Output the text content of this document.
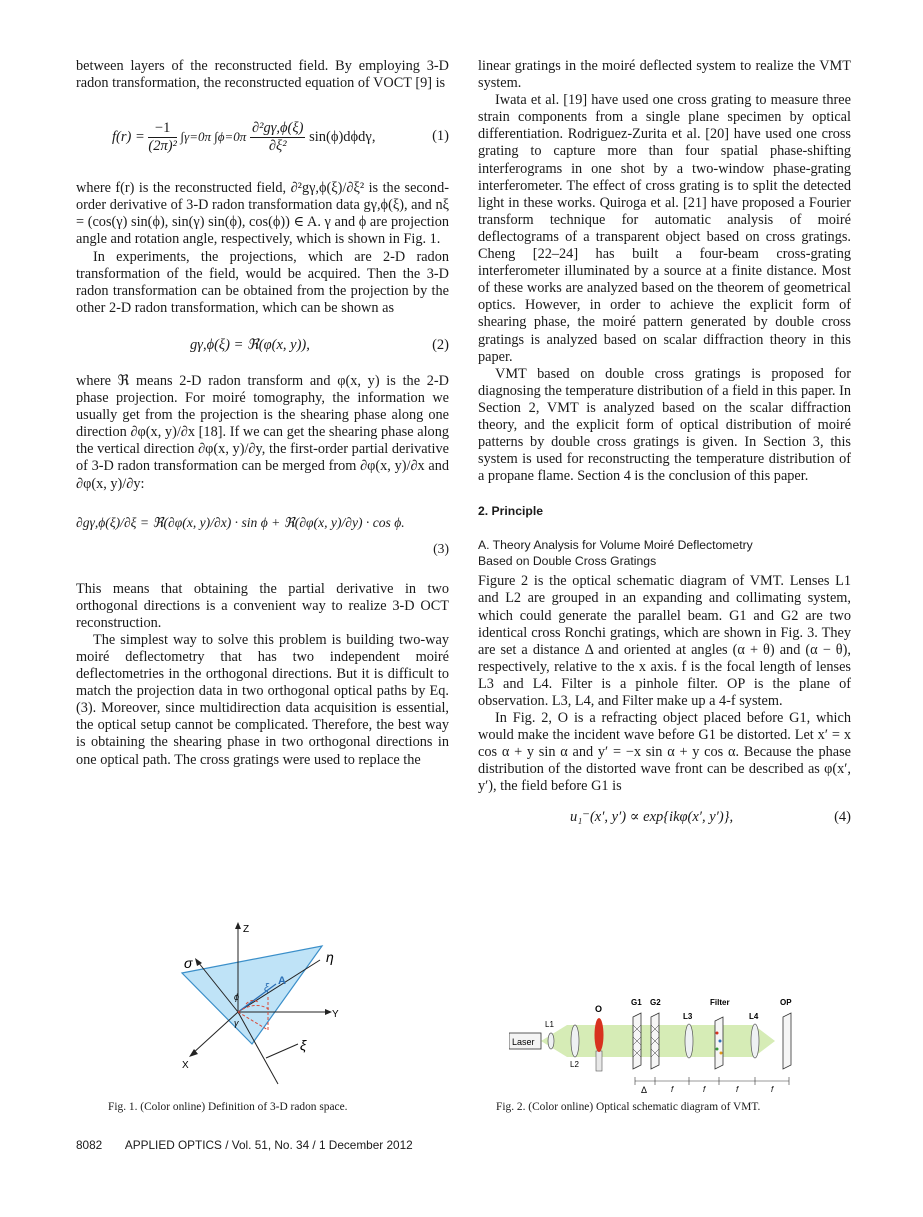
between layers of the reconstructed field. By employing 3-D radon transformation, the reconstructed equation of VOCT [9] is

$f(r) = \frac{-1}{\text{(2π)²}} \int\gamma=0\pi$ $\int\phi=0\pi \frac{\text{∂²gγ,ϕ(ξ)}}{\text{∂ξ²}} \sin(\phi)d\phi d\gamma$,	(1)

where f(r) is the reconstructed field, ∂²gγ,ϕ(ξ)/∂ξ² is the second-order derivative of 3-D radon transformation data gγ,ϕ(ξ), and nξ = (cos(γ) sin(ϕ), sin(γ) sin(ϕ), cos(ϕ)) ∈ A. γ and ϕ are projection angle and rotation angle, respectively, which is shown in Fig. 1.

In experiments, the projections, which are 2-D radon transformation of the field, would be acquired. Then the 3-D radon transformation can be obtained from the projection by the other 2-D radon transformation, which can be shown as

gγ,ϕ(ξ) = ℜ(φ(x, y)),	(2)

where ℜ means 2-D radon transform and φ(x, y) is the 2-D phase projection. For moiré tomography, the information we usually get from the projection is the shearing phase along one direction ∂φ(x, y)/∂x [18]. If we can get the shearing phase along the vertical direction ∂φ(x, y)/∂y, the first-order partial derivative of 3-D radon transformation can be merged from ∂φ(x, y)/∂x and ∂φ(x, y)/∂y:

∂gγ,ϕ(ξ)/∂ξ = ℜ(∂φ(x, y)/∂x) · sin ϕ + ℜ(∂φ(x, y)/∂y) · cos ϕ.
(3)

This means that obtaining the partial derivative in two orthogonal directions is a convenient way to realize 3-D OCT reconstruction.

The simplest way to solve this problem is building two-way moiré deflectometry that has two independent moiré deflectometries in the orthogonal directions. But it is difficult to match the projection data in two orthogonal optical paths by Eq. (3). Moreover, since multidirection data acquisition is essential, the optical setup cannot be complicated. Therefore, the best way is obtaining the shearing phase in two orthogonal directions in one optical path. The cross gratings were used to replace the

linear gratings in the moiré deflected system to realize the VMT system.

Iwata et al. [19] have used one cross grating to measure three strain components from a single plane specimen by optical differentiation. Rodriguez-Zurita et al. [20] have used one cross grating to capture more than four spatial phase-shifting interferograms in one shot by a two-window phase-grating interferometer. The effect of cross grating is to split the detected light in these works. Quiroga et al. [21] have proposed a Fourier transform technique for automatic analysis of moiré deflectograms of a transparent object based on cross gratings. Cheng [22–24] has built a four-beam cross-grating interferometer illuminated by a source at a finite distance. Most of these works are analyzed based on the theorem of geometrical optics. However, in order to achieve the explicit form of shearing phase, the moiré pattern generated by double cross gratings is analyzed based on scalar diffraction theory in this paper.

VMT based on double cross gratings is proposed for diagnosing the temperature distribution of a field in this paper. In Section 2, VMT is analyzed based on the scalar diffraction theory, and the explicit form of optical distribution of moiré patterns by double cross gratings is given. In Section 3, this system is used for reconstructing the temperature distribution of a propane flame. Section 4 is the conclusion of this paper.

2. Principle

A. Theory Analysis for Volume Moiré Deflectometry

Based on Double Cross Gratings

Figure 2 is the optical schematic diagram of VMT. Lenses L1 and L2 are grouped in an expanding and collimating system, which could generate the parallel beam. G1 and G2 are two identical cross Ronchi gratings, which are shown in Fig. 3. They are set a distance Δ and oriented at angles (α + θ) and (α − θ), respectively, relative to the x axis. f is the focal length of lenses L3 and L4. Filter is a pinhole filter. OP is the plane of observation. L3, L4, and Filter make up a 4-f system.

In Fig. 2, O is a refracting object placed before G1, which would make the incident wave before G1 be distorted. Let x′ = x cos α + y sin α and y′ = −x sin α + y cos α. Because the phase distribution of the distorted wave front can be described as φ(x′, y′), the field before G1 is

u₁⁻(x′, y′) ∝ exp{ikφ(x′, y′)},	(4)
Z
Y
X
σ	η
A
ξ
ξ
ϕ
γ
Fig. 1. (Color online) Definition of 3-D radon space.
Laser
L1
L2
O
G1 G2
L3
Filter
L4
OP
Δ	f	f	f	f
Fig. 2. (Color online) Optical schematic diagram of VMT.
8082 APPLIED OPTICS / Vol. 51, No. 34 / 1 December 2012
